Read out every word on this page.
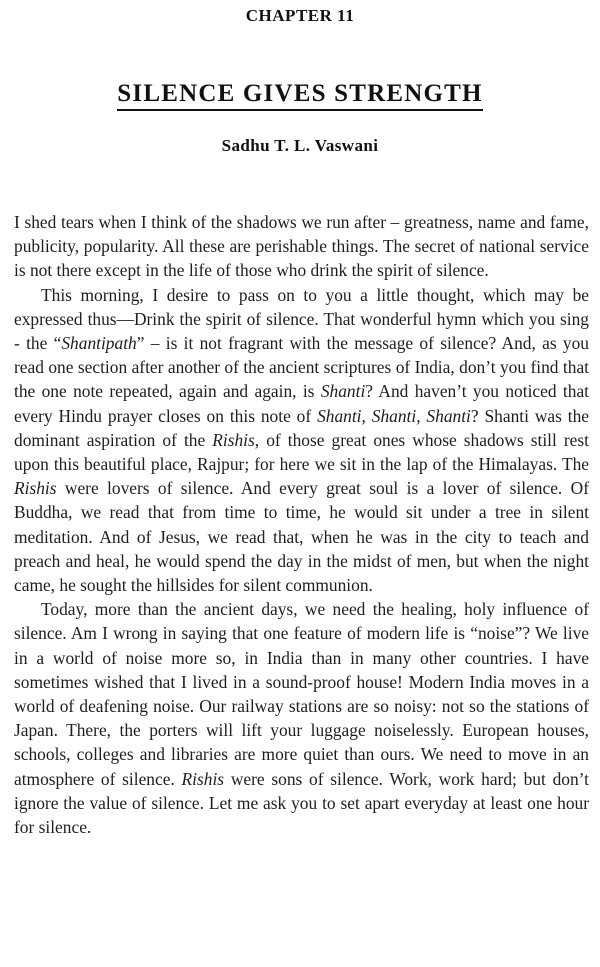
CHAPTER 11
SILENCE GIVES STRENGTH
Sadhu T. L. Vaswani

I shed tears when I think of the shadows we run after – greatness, name and fame, publicity, popularity. All these are perishable things. The secret of national service is not there except in the life of those who drink the spirit of silence.

This morning, I desire to pass on to you a little thought, which may be expressed thus—Drink the spirit of silence. That wonderful hymn which you sing - the “Shantipath” – is it not fragrant with the message of silence? And, as you read one section after another of the ancient scriptures of India, don’t you find that the one note repeated, again and again, is Shanti? And haven’t you noticed that every Hindu prayer closes on this note of Shanti, Shanti, Shanti? Shanti was the dominant aspiration of the Rishis, of those great ones whose shadows still rest upon this beautiful place, Rajpur; for here we sit in the lap of the Himalayas. The Rishis were lovers of silence. And every great soul is a lover of silence. Of Buddha, we read that from time to time, he would sit under a tree in silent meditation. And of Jesus, we read that, when he was in the city to teach and preach and heal, he would spend the day in the midst of men, but when the night came, he sought the hillsides for silent communion.

Today, more than the ancient days, we need the healing, holy influence of silence. Am I wrong in saying that one feature of modern life is “noise”? We live in a world of noise more so, in India than in many other countries. I have sometimes wished that I lived in a sound-proof house! Modern India moves in a world of deafening noise. Our railway stations are so noisy: not so the stations of Japan. There, the porters will lift your luggage noiselessly. European houses, schools, colleges and libraries are more quiet than ours. We need to move in an atmosphere of silence. Rishis were sons of silence. Work, work hard; but don’t ignore the value of silence. Let me ask you to set apart everyday at least one hour for silence.
